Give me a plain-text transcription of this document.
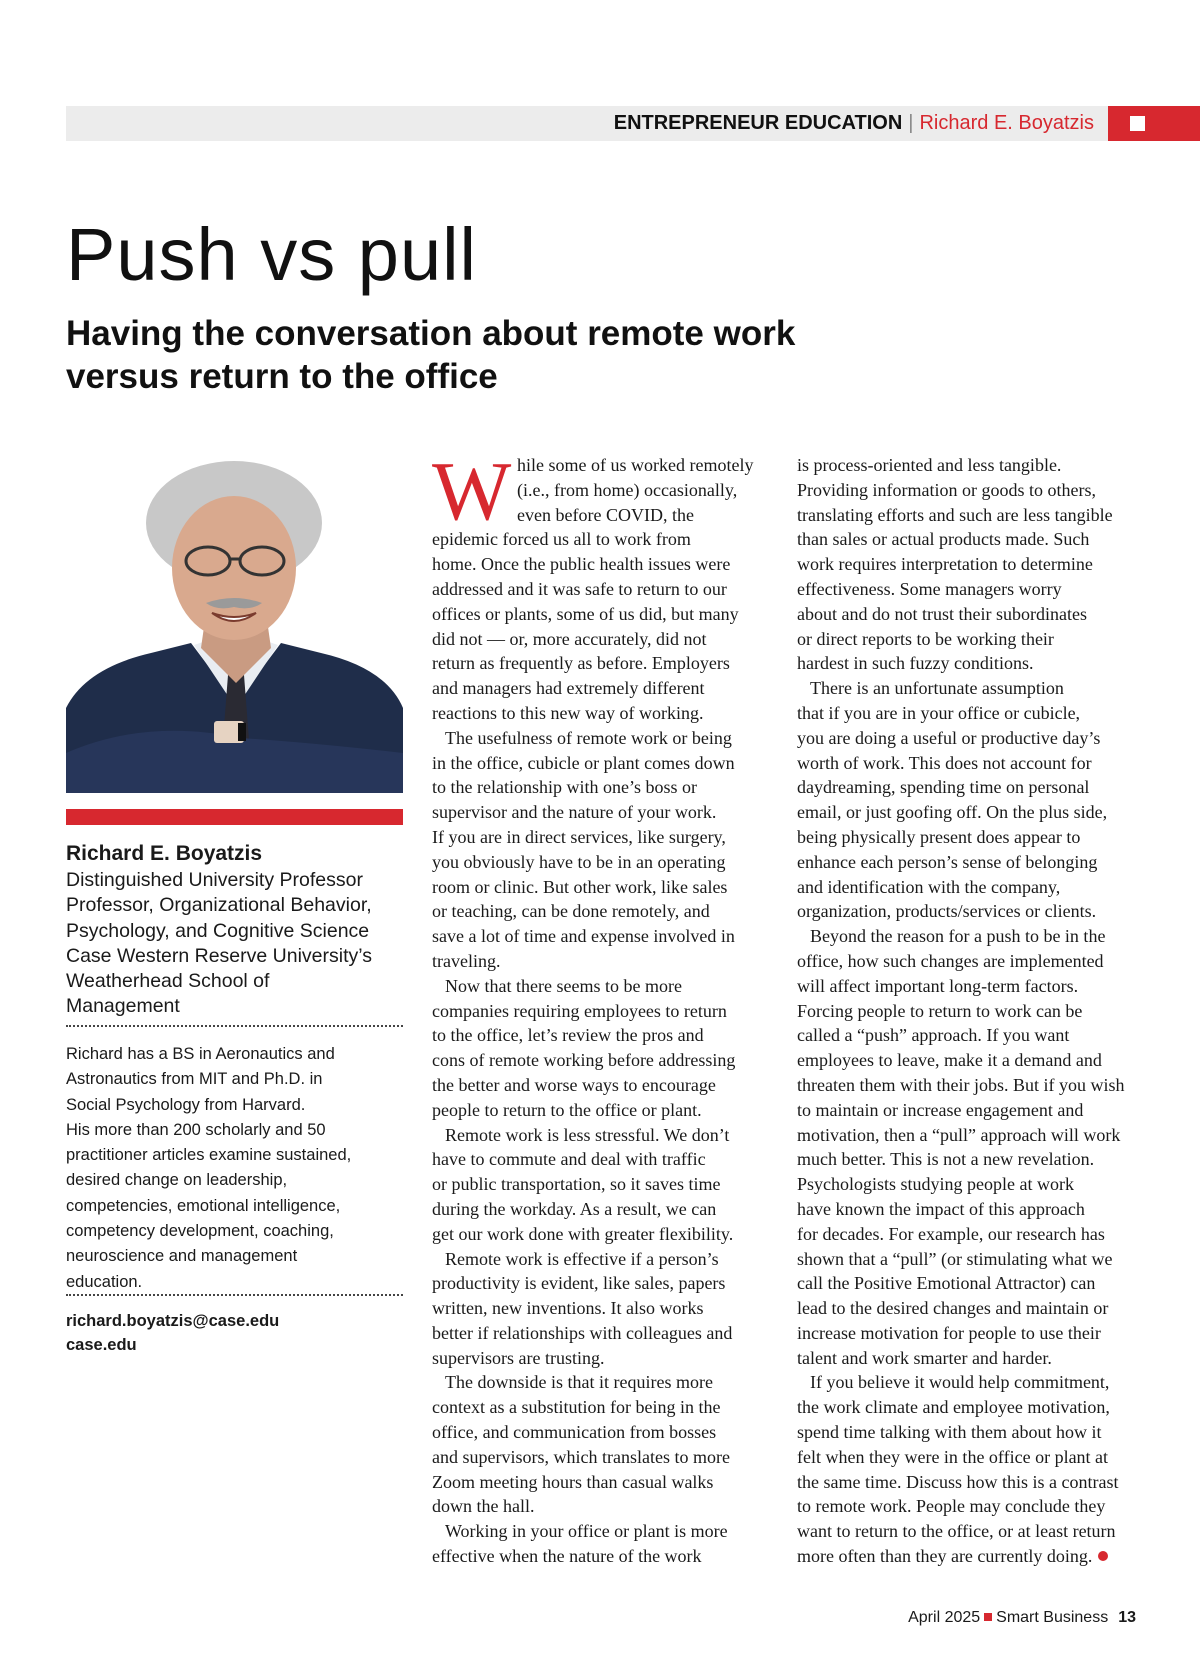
ENTREPRENEUR EDUCATION | Richard E. Boyatzis
Push vs pull
Having the conversation about remote work versus return to the office
Richard E. Boyatzis
Distinguished University Professor
Professor, Organizational Behavior,
Psychology, and Cognitive Science
Case Western Reserve University’s
Weatherhead School of
Management
Richard has a BS in Aeronautics and
Astronautics from MIT and Ph.D. in
Social Psychology from Harvard.
His more than 200 scholarly and 50
practitioner articles examine sustained,
desired change on leadership,
competencies, emotional intelligence,
competency development, coaching,
neuroscience and management
education.
richard.boyatzis@case.edu
case.edu
W hile some of us worked remotely
(i.e., from home) occasionally,
even before COVID, the
epidemic forced us all to work from
home. Once the public health issues were
addressed and it was safe to return to our
offices or plants, some of us did, but many
did not — or, more accurately, did not
return as frequently as before. Employers
and managers had extremely different
reactions to this new way of working.
The usefulness of remote work or being
in the office, cubicle or plant comes down
to the relationship with one’s boss or
supervisor and the nature of your work.
If you are in direct services, like surgery,
you obviously have to be in an operating
room or clinic. But other work, like sales
or teaching, can be done remotely, and
save a lot of time and expense involved in
traveling.
Now that there seems to be more
companies requiring employees to return
to the office, let’s review the pros and
cons of remote working before addressing
the better and worse ways to encourage
people to return to the office or plant.
Remote work is less stressful. We don’t
have to commute and deal with traffic
or public transportation, so it saves time
during the workday. As a result, we can
get our work done with greater flexibility.
Remote work is effective if a person’s
productivity is evident, like sales, papers
written, new inventions. It also works
better if relationships with colleagues and
supervisors are trusting.
The downside is that it requires more
context as a substitution for being in the
office, and communication from bosses
and supervisors, which translates to more
Zoom meeting hours than casual walks
down the hall.
Working in your office or plant is more
effective when the nature of the work
is process-oriented and less tangible.
Providing information or goods to others,
translating efforts and such are less tangible
than sales or actual products made. Such
work requires interpretation to determine
effectiveness. Some managers worry
about and do not trust their subordinates
or direct reports to be working their
hardest in such fuzzy conditions.
There is an unfortunate assumption
that if you are in your office or cubicle,
you are doing a useful or productive day’s
worth of work. This does not account for
daydreaming, spending time on personal
email, or just goofing off. On the plus side,
being physically present does appear to
enhance each person’s sense of belonging
and identification with the company,
organization, products/services or clients.
Beyond the reason for a push to be in the
office, how such changes are implemented
will affect important long-term factors.
Forcing people to return to work can be
called a “push” approach. If you want
employees to leave, make it a demand and
threaten them with their jobs. But if you wish
to maintain or increase engagement and
motivation, then a “pull” approach will work
much better. This is not a new revelation.
Psychologists studying people at work
have known the impact of this approach
for decades. For example, our research has
shown that a “pull” (or stimulating what we
call the Positive Emotional Attractor) can
lead to the desired changes and maintain or
increase motivation for people to use their
talent and work smarter and harder.
If you believe it would help commitment,
the work climate and employee motivation,
spend time talking with them about how it
felt when they were in the office or plant at
the same time. Discuss how this is a contrast
to remote work. People may conclude they
want to return to the office, or at least return
more often than they are currently doing.
April 2025 Smart Business 13
